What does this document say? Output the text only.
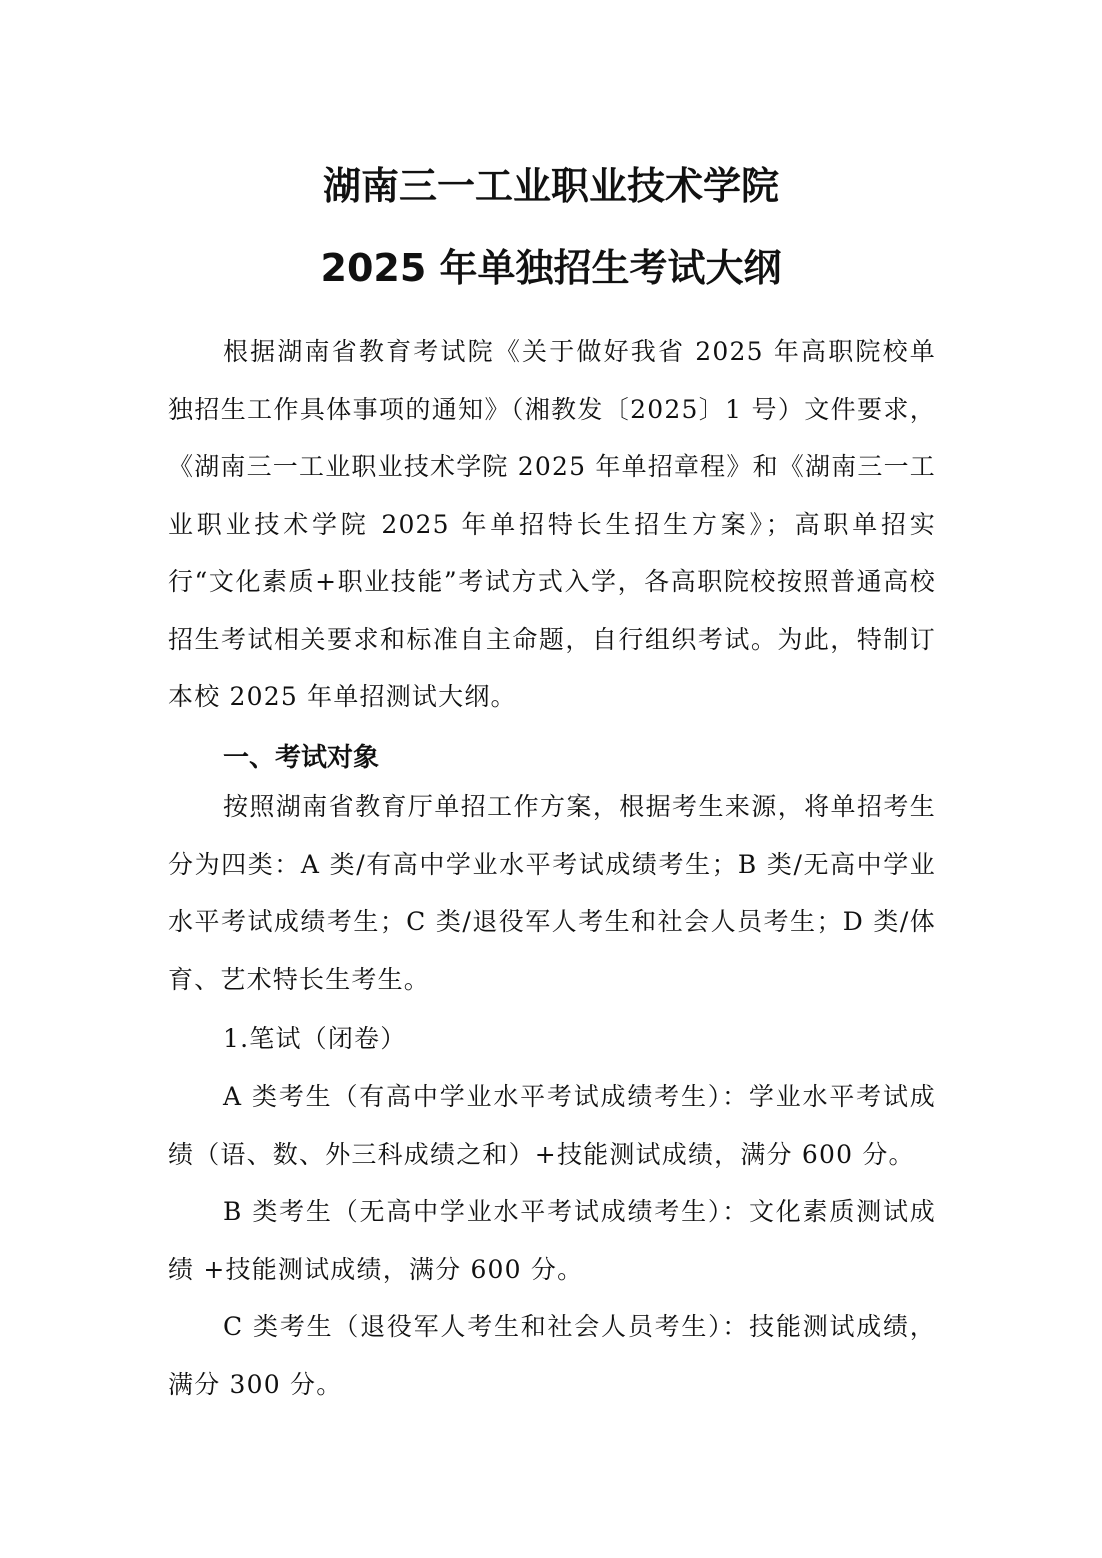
湖南三一工业职业技术学院
2025 年单独招生考试大纲

根据湖南省教育考试院《关于做好我省 2025 年高职院校单独招生工作具体事项的通知》（湘教发〔2025〕1 号）文件要求，《湖南三一工业职业技术学院 2025 年单招章程》和《湖南三一工业职业技术学院 2025 年单招特长生招生方案》；高职单招实行“文化素质+职业技能”考试方式入学，各高职院校按照普通高校招生考试相关要求和标准自主命题，自行组织考试。为此，特制订本校 2025 年单招测试大纲。

一、考试对象

按照湖南省教育厅单招工作方案，根据考生来源，将单招考生分为四类：A 类/有高中学业水平考试成绩考生；B 类/无高中学业水平考试成绩考生；C 类/退役军人考生和社会人员考生；D 类/体育、艺术特长生考生。

1.笔试（闭卷）

A 类考生（有高中学业水平考试成绩考生）：学业水平考试成绩（语、数、外三科成绩之和）+技能测试成绩，满分 600 分。

B 类考生（无高中学业水平考试成绩考生）：文化素质测试成绩 +技能测试成绩，满分 600 分。

C 类考生（退役军人考生和社会人员考生）：技能测试成绩，满分 300 分。
